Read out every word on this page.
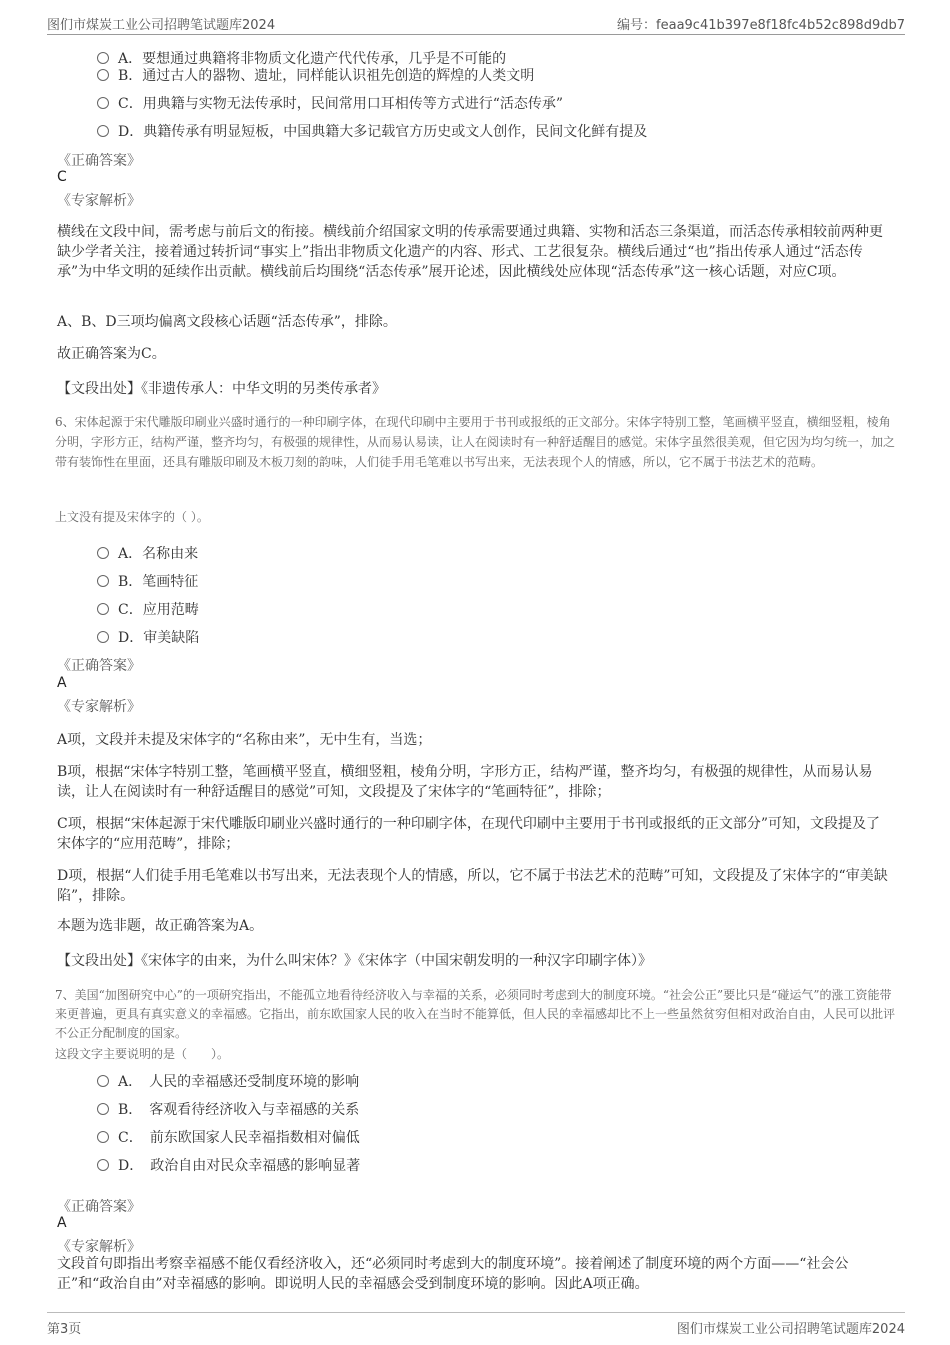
图们市煤炭工业公司招聘笔试题库2024	编号：feaa9c41b397e8f18fc4b52c898d9db7
A．要想通过典籍将非物质文化遗产代代传承，几乎是不可能的
B．通过古人的器物、遗址，同样能认识祖先创造的辉煌的人类文明
C．用典籍与实物无法传承时，民间常用口耳相传等方式进行“活态传承”
D．典籍传承有明显短板，中国典籍大多记载官方历史或文人创作，民间文化鲜有提及
《正确答案》
C
《专家解析》
横线在文段中间，需考虑与前后文的衔接。横线前介绍国家文明的传承需要通过典籍、实物和活态三条渠道，而活态传承相较前两种更缺少学者关注，接着通过转折词“事实上”指出非物质文化遗产的内容、形式、工艺很复杂。横线后通过“也”指出传承人通过“活态传承”为中华文明的延续作出贡献。横线前后均围绕“活态传承”展开论述，因此横线处应体现“活态传承”这一核心话题，对应C项。
A、B、D三项均偏离文段核心话题“活态传承”，排除。
故正确答案为C。
【文段出处】《非遗传承人：中华文明的另类传承者》
6、宋体起源于宋代雕版印刷业兴盛时通行的一种印刷字体，在现代印刷中主要用于书刊或报纸的正文部分。宋体字特别工整，笔画横平竖直，横细竖粗，棱角分明，字形方正，结构严谨，整齐均匀，有极强的规律性，从而易认易读，让人在阅读时有一种舒适醒目的感觉。宋体字虽然很美观，但它因为均匀统一，加之带有装饰性在里面，还具有雕版印刷及木板刀刻的韵味，人们徒手用毛笔难以书写出来，无法表现个人的情感，所以，它不属于书法艺术的范畴。
上文没有提及宋体字的（ ）。
A．名称由来
B．笔画特征
C．应用范畴
D．审美缺陷
《正确答案》
A
《专家解析》
A项，文段并未提及宋体字的“名称由来”，无中生有，当选；
B项，根据“宋体字特别工整，笔画横平竖直，横细竖粗，棱角分明，字形方正，结构严谨，整齐均匀，有极强的规律性，从而易认易读，让人在阅读时有一种舒适醒目的感觉”可知，文段提及了宋体字的“笔画特征”，排除；
C项，根据“宋体起源于宋代雕版印刷业兴盛时通行的一种印刷字体，在现代印刷中主要用于书刊或报纸的正文部分”可知，文段提及了宋体字的“应用范畴”，排除；
D项，根据“人们徒手用毛笔难以书写出来，无法表现个人的情感，所以，它不属于书法艺术的范畴”可知，文段提及了宋体字的“审美缺陷”，排除。
本题为选非题，故正确答案为A。
【文段出处】《宋体字的由来，为什么叫宋体？》《宋体字（中国宋朝发明的一种汉字印刷字体）》
7、美国“加图研究中心”的一项研究指出，不能孤立地看待经济收入与幸福的关系，必须同时考虑到大的制度环境。“社会公正”要比只是“碰运气”的涨工资能带来更普遍，更具有真实意义的幸福感。它指出，前东欧国家人民的收入在当时不能算低，但人民的幸福感却比不上一些虽然贫穷但相对政治自由，人民可以批评不公正分配制度的国家。
这段文字主要说明的是（　　）。
A．　人民的幸福感还受制度环境的影响
B．　客观看待经济收入与幸福感的关系
C．　前东欧国家人民幸福指数相对偏低
D．　政治自由对民众幸福感的影响显著
《正确答案》
A
《专家解析》
文段首句即指出考察幸福感不能仅看经济收入，还“必须同时考虑到大的制度环境”。接着阐述了制度环境的两个方面——“社会公正”和“政治自由”对幸福感的影响。即说明人民的幸福感会受到制度环境的影响。因此A项正确。
第3页	图们市煤炭工业公司招聘笔试题库2024
